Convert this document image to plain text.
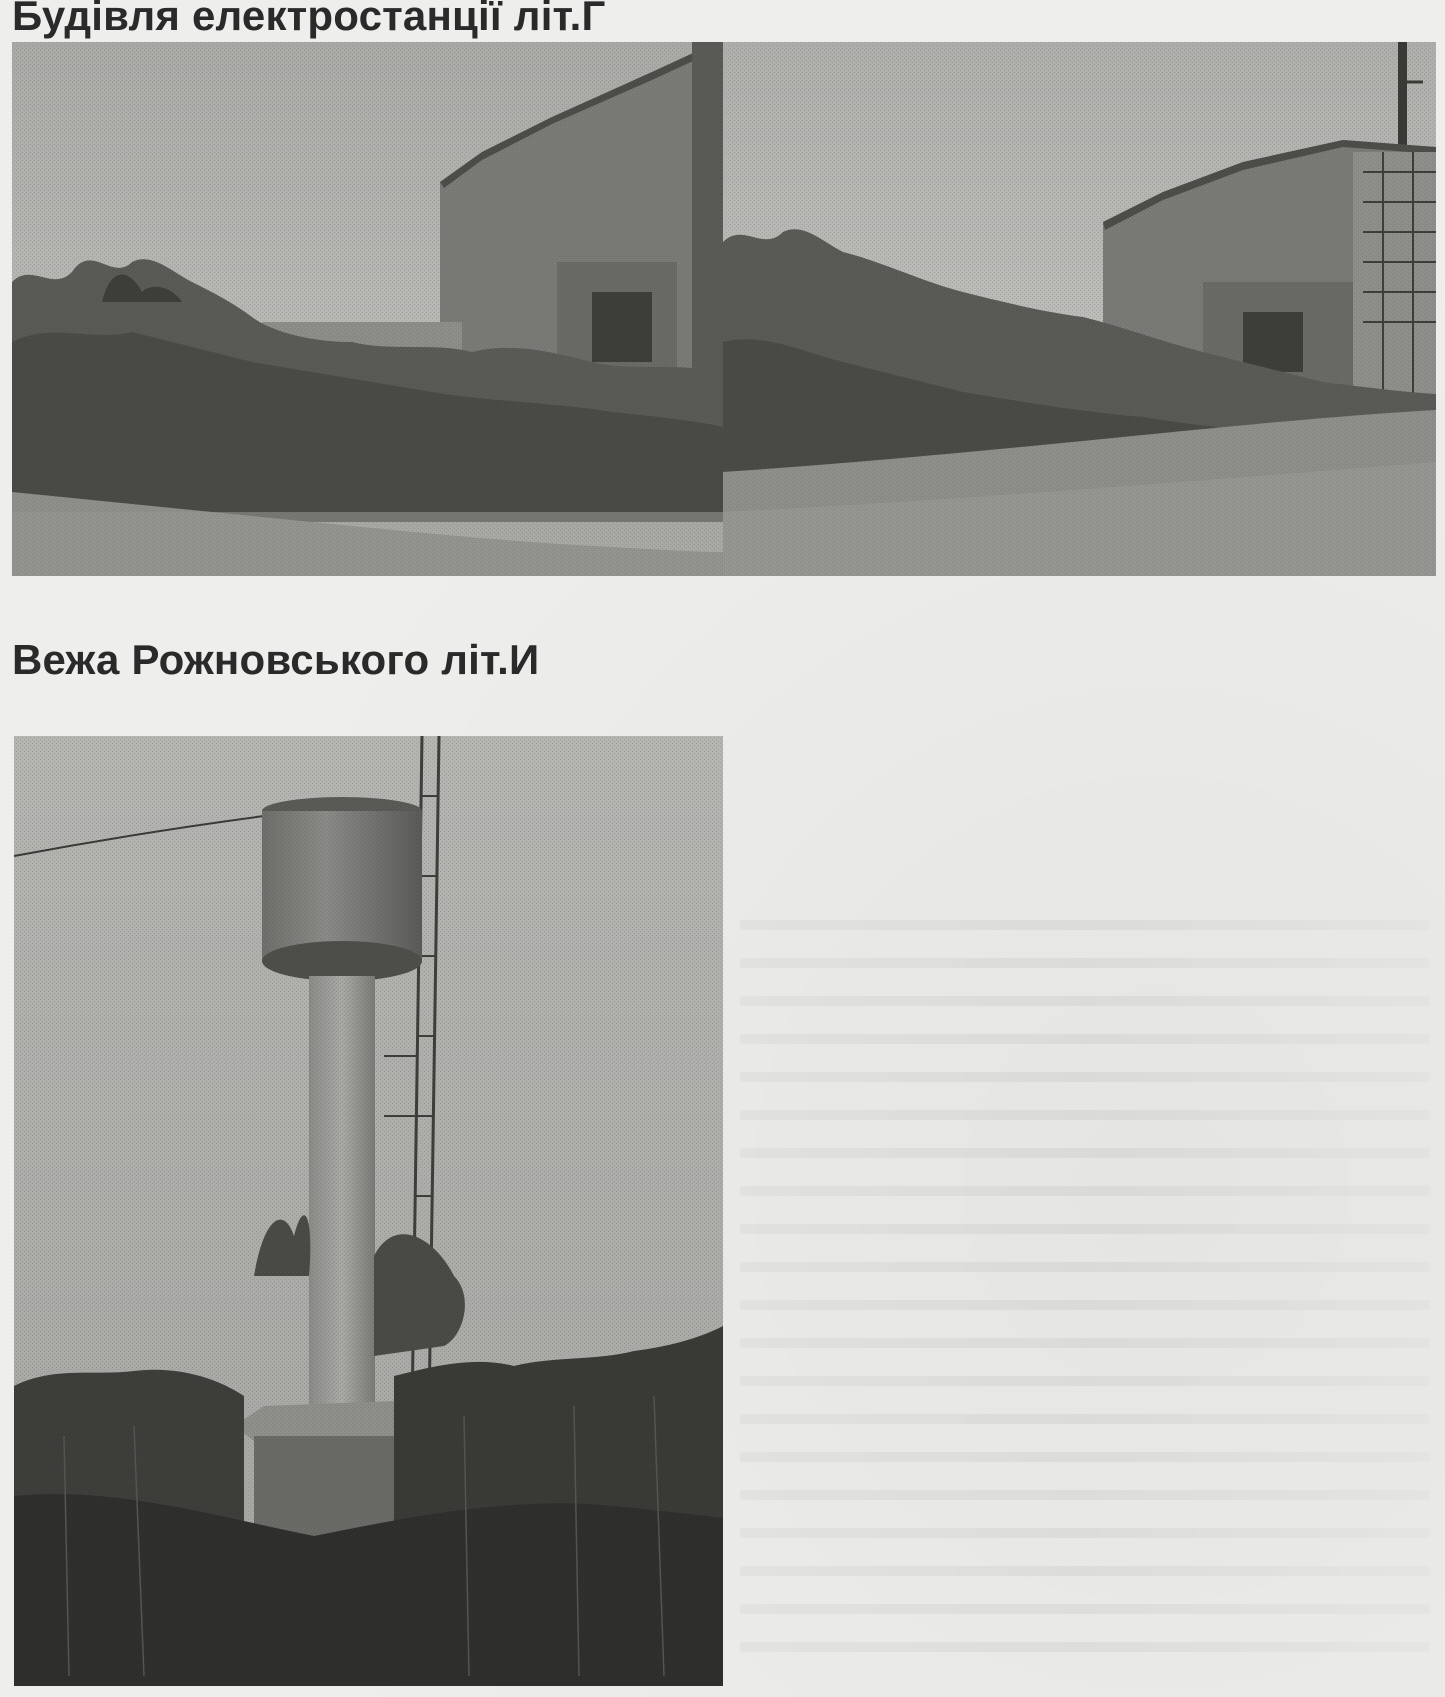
Будівля електростанції літ.Г
Вежа Рожновського літ.И
